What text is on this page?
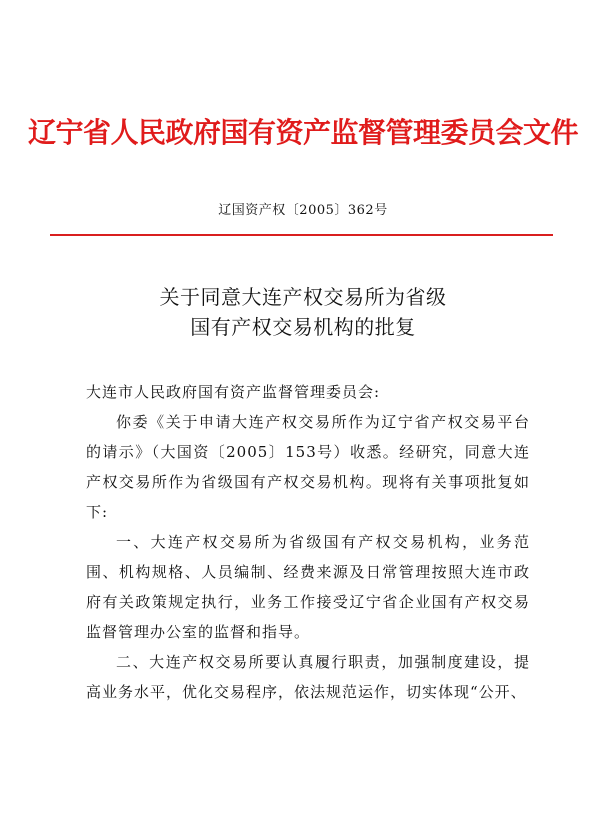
辽宁省人民政府国有资产监督管理委员会文件
辽国资产权〔2005〕362号
关于同意大连产权交易所为省级
国有产权交易机构的批复

大连市人民政府国有资产监督管理委员会:

你委《关于申请大连产权交易所作为辽宁省产权交易平台的请示》（大国资〔2005〕153号）收悉。经研究，同意大连产权交易所作为省级国有产权交易机构。现将有关事项批复如下:

一、大连产权交易所为省级国有产权交易机构，业务范围、机构规格、人员编制、经费来源及日常管理按照大连市政府有关政策规定执行，业务工作接受辽宁省企业国有产权交易监督管理办公室的监督和指导。

二、大连产权交易所要认真履行职责，加强制度建设，提高业务水平，优化交易程序，依法规范运作，切实体现“公开、
